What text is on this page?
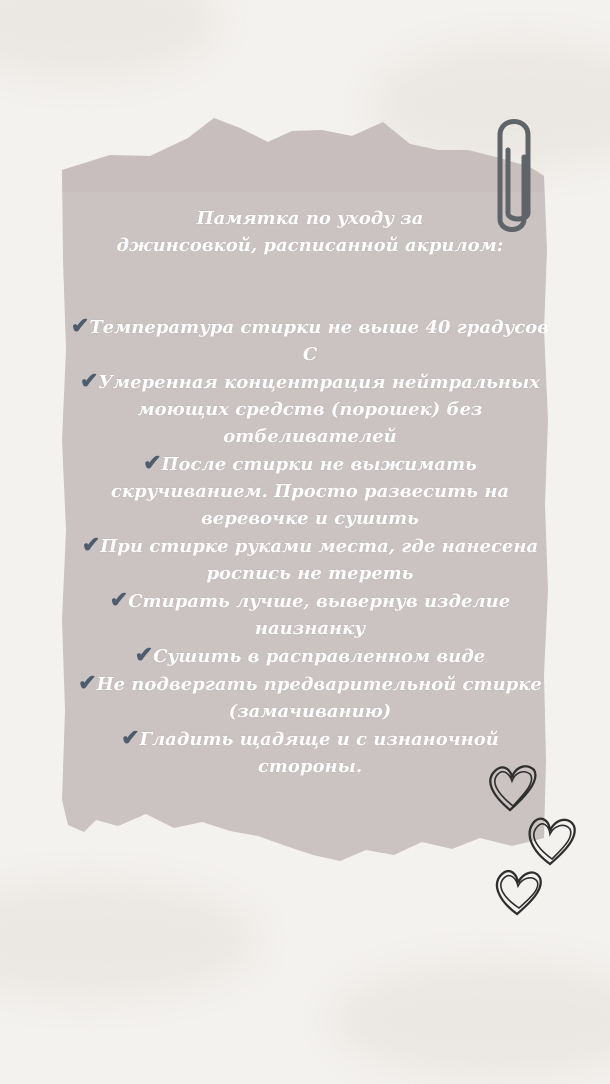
Памятка по уходу за
джинсовкой, расписанной акрилом:
✔Температура стирки не выше 40 градусов
С
✔Умеренная концентрация нейтральных
моющих средств (порошек) без
отбеливателей
✔После стирки не выжимать
скручиванием. Просто развесить на
веревочке и сушить
✔При стирке руками места, где нанесена
роспись не тереть
✔Стирать лучше, вывернув изделие
наизнанку
✔Сушить в расправленном виде
✔Не подвергать предварительной стирке
(замачиванию)
✔Гладить щадяще и с изнаночной
стороны.
